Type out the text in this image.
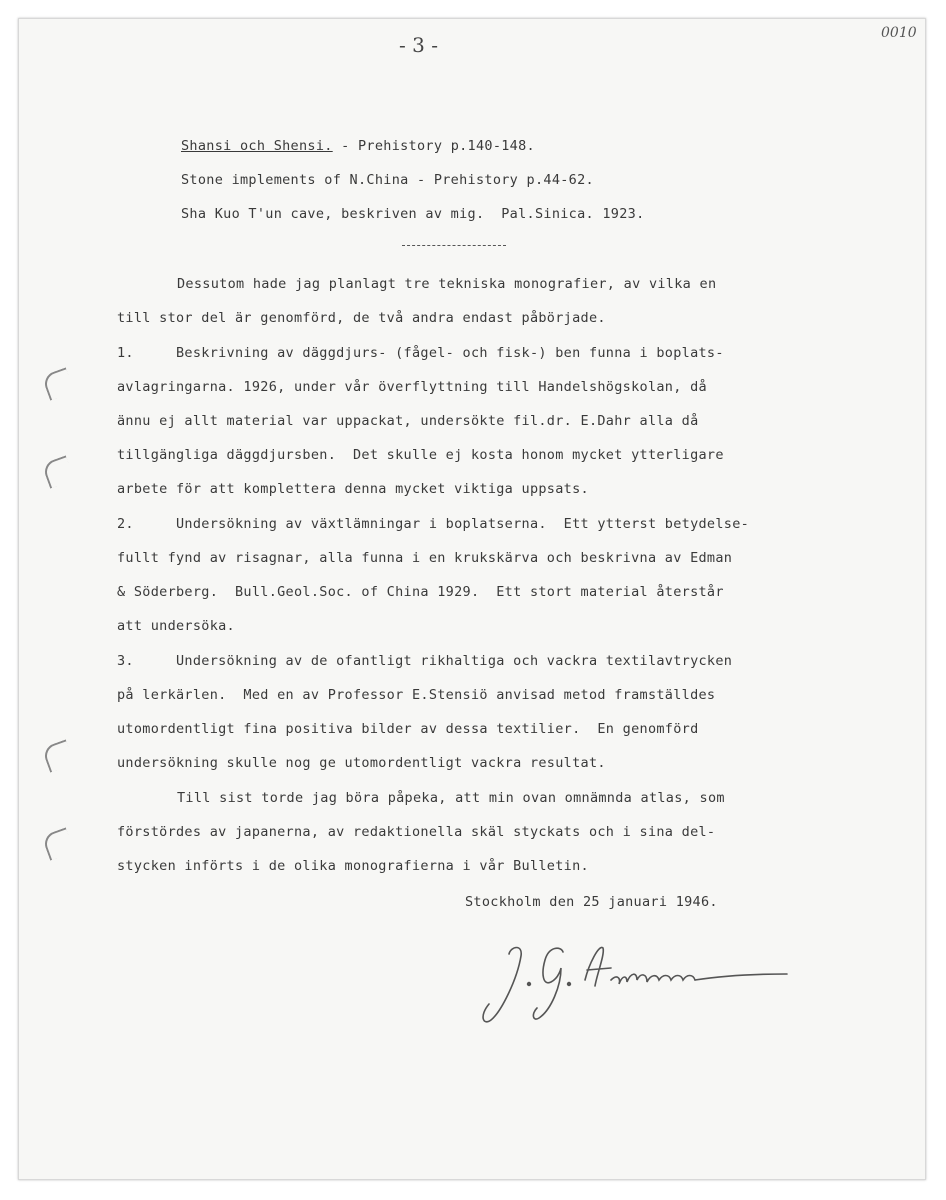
- 3 -	0010
Shansi och Shensi. - Prehistory p.140-148.
Stone implements of N.China - Prehistory p.44-62.
Sha Kuo T'un cave, beskriven av mig.  Pal.Sinica. 1923.
Dessutom hade jag planlagt tre tekniska monografier, av vilka en
till stor del är genomförd, de två andra endast påbörjade.
1.     Beskrivning av däggdjurs- (fågel- och fisk-) ben funna i boplats-
avlagringarna. 1926, under vår överflyttning till Handelshögskolan, då
ännu ej allt material var uppackat, undersökte fil.dr. E.Dahr alla då
tillgängliga däggdjursben.  Det skulle ej kosta honom mycket ytterligare
arbete för att komplettera denna mycket viktiga uppsats.
2.     Undersökning av växtlämningar i boplatserna.  Ett ytterst betydelse-
fullt fynd av risagnar, alla funna i en krukskärva och beskrivna av Edman
& Söderberg.  Bull.Geol.Soc. of China 1929.  Ett stort material återstår
att undersöka.
3.     Undersökning av de ofantligt rikhaltiga och vackra textilavtrycken
på lerkärlen.  Med en av Professor E.Stensiö anvisad metod framställdes
utomordentligt fina positiva bilder av dessa textilier.  En genomförd
undersökning skulle nog ge utomordentligt vackra resultat.
Till sist torde jag böra påpeka, att min ovan omnämnda atlas, som
förstördes av japanerna, av redaktionella skäl styckats och i sina del-
stycken införts i de olika monografierna i vår Bulletin.
Stockholm den 25 januari 1946.
